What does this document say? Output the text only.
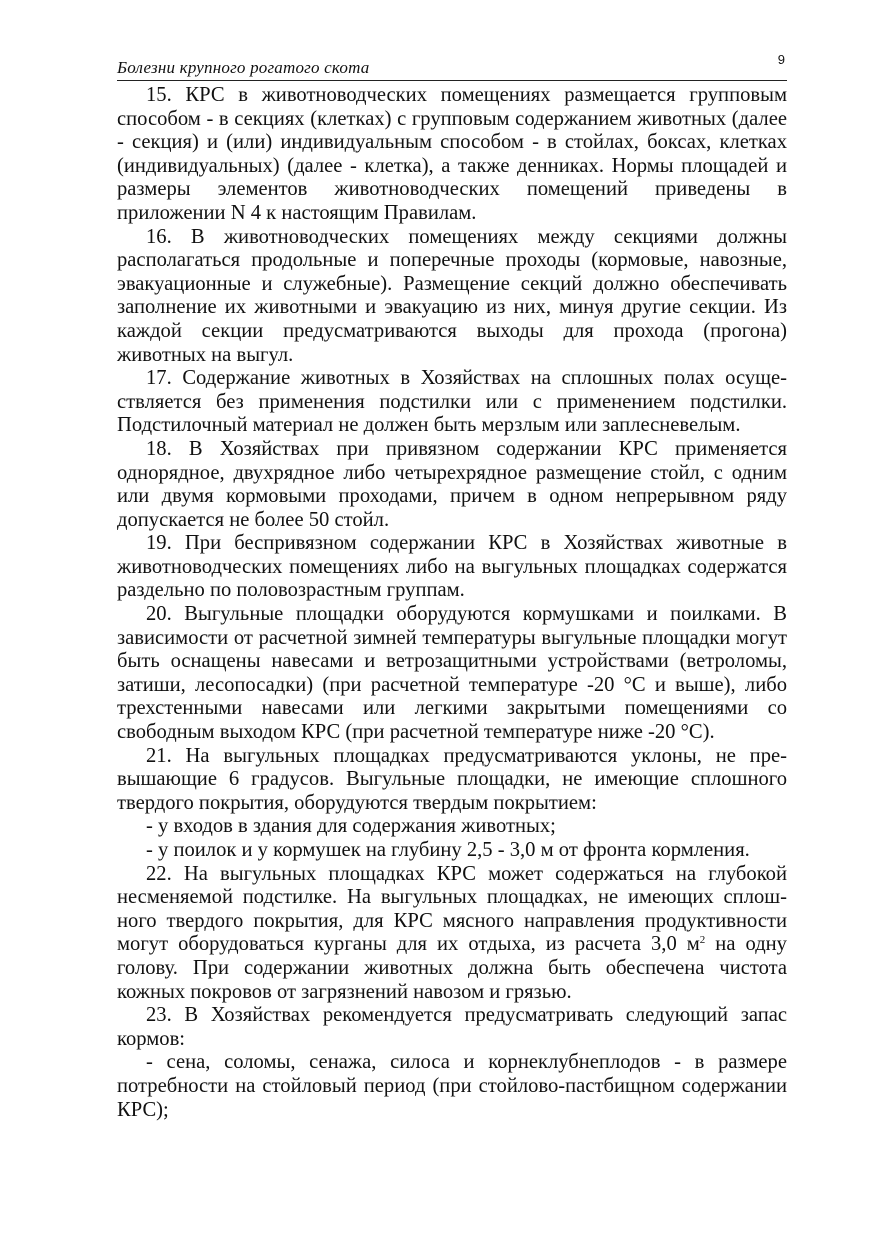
Болезни крупного рогатого скота	9

15. КРС в животноводческих помещениях размещается групповым способом - в секциях (клетках) с групповым содержанием животных (далее - секция) и (или) индивидуальным способом - в стойлах, боксах, клетках (индивидуальных) (далее - клетка), а также денниках. Нормы площадей и размеры элементов животноводческих помещений приведены в приложении N 4 к настоящим Правилам.

16. В животноводческих помещениях между секциями должны располагаться продольные и поперечные проходы (кормовые, навозные, эвакуационные и служебные). Размещение секций должно обеспечивать заполнение их животными и эвакуацию из них, минуя другие секции. Из каждой секции предусматриваются выходы для прохода (прогона) животных на выгул.

17. Содержание животных в Хозяйствах на сплошных полах осуществляется без применения подстилки или с применением подстилки. Подстилочный материал не должен быть мерзлым или заплесневелым.

18. В Хозяйствах при привязном содержании КРС применяется однорядное, двухрядное либо четырехрядное размещение стойл, с одним или двумя кормовыми проходами, причем в одном непрерывном ряду допускается не более 50 стойл.

19. При беспривязном содержании КРС в Хозяйствах животные в животноводческих помещениях либо на выгульных площадках содержатся раздельно по половозрастным группам.

20. Выгульные площадки оборудуются кормушками и поилками. В зависимости от расчетной зимней температуры выгульные площадки могут быть оснащены навесами и ветрозащитными устройствами (ветроломы, затиши, лесопосадки) (при расчетной температуре -20 °С и выше), либо трехстенными навесами или легкими закрытыми помещениями со свободным выходом КРС (при расчетной температуре ниже -20 °С).

21. На выгульных площадках предусматриваются уклоны, не превышающие 6 градусов. Выгульные площадки, не имеющие сплошного твердого покрытия, оборудуются твердым покрытием:

- у входов в здания для содержания животных;

- у поилок и у кормушек на глубину 2,5 - 3,0 м от фронта кормления.

22. На выгульных площадках КРС может содержаться на глубокой несменяемой подстилке. На выгульных площадках, не имеющих сплошного твердого покрытия, для КРС мясного направления продуктивности могут оборудоваться курганы для их отдыха, из расчета 3,0 $м^2$ на одну голову. При содержании животных должна быть обеспечена чистота кожных покровов от загрязнений навозом и грязью.

23. В Хозяйствах рекомендуется предусматривать следующий запас кормов:

- сена, соломы, сенажа, силоса и корнеклубнеплодов - в размере потребности на стойловый период (при стойлово-пастбищном содержании КРС);
